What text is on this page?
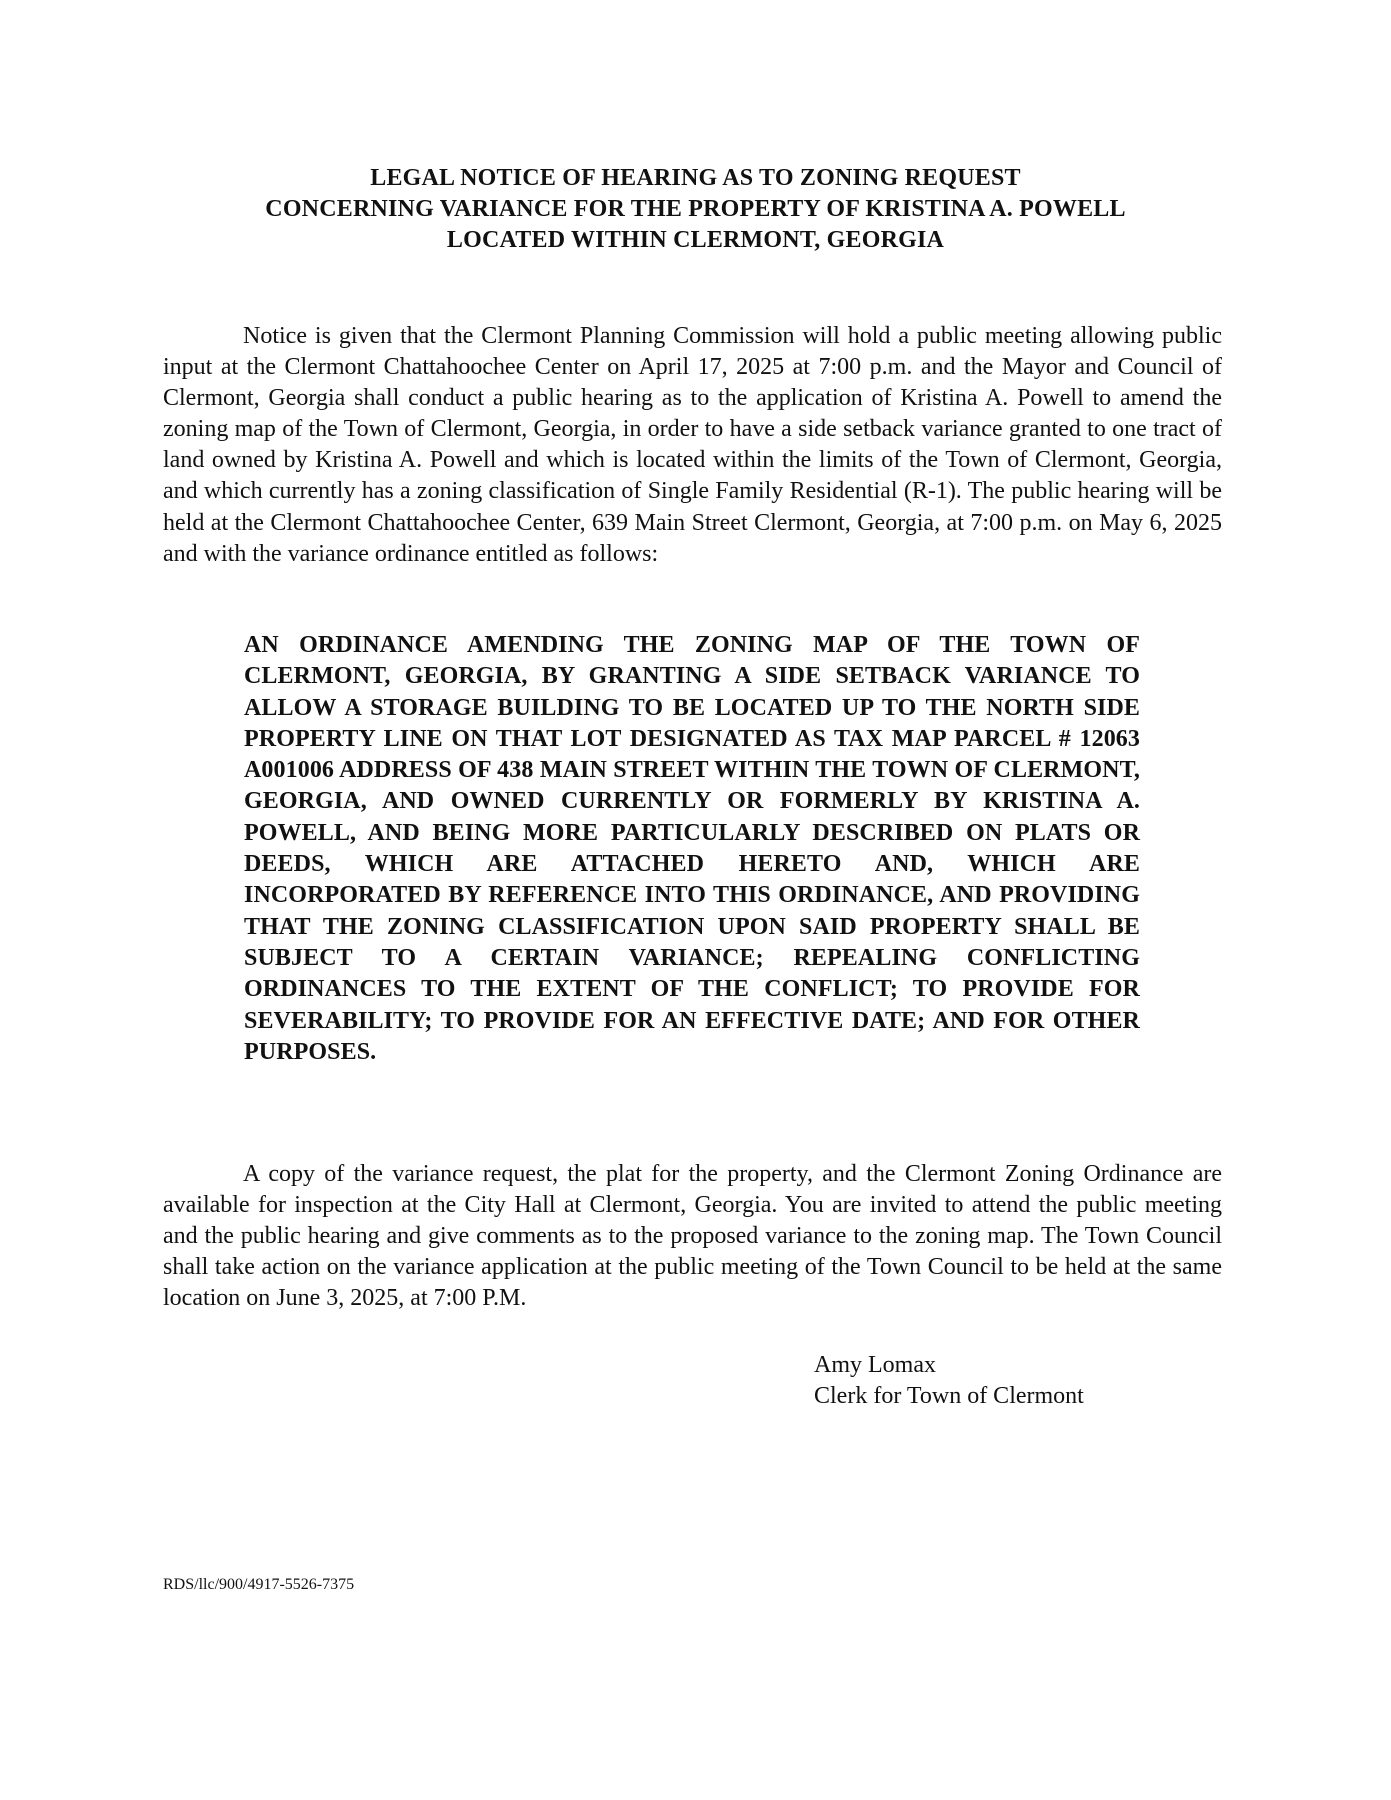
LEGAL NOTICE OF HEARING AS TO ZONING REQUEST
CONCERNING VARIANCE FOR THE PROPERTY OF KRISTINA A. POWELL
LOCATED WITHIN CLERMONT, GEORGIA

Notice is given that the Clermont Planning Commission will hold a public meeting allowing public input at the Clermont Chattahoochee Center on April 17, 2025 at 7:00 p.m. and the Mayor and Council of Clermont, Georgia shall conduct a public hearing as to the application of Kristina A. Powell to amend the zoning map of the Town of Clermont, Georgia, in order to have a side setback variance granted to one tract of land owned by Kristina A. Powell and which is located within the limits of the Town of Clermont, Georgia, and which currently has a zoning classification of Single Family Residential (R-1). The public hearing will be held at the Clermont Chattahoochee Center, 639 Main Street Clermont, Georgia, at 7:00 p.m. on May 6, 2025 and with the variance ordinance entitled as follows:

AN ORDINANCE AMENDING THE ZONING MAP OF THE TOWN OF CLERMONT, GEORGIA, BY GRANTING A SIDE SETBACK VARIANCE TO ALLOW A STORAGE BUILDING TO BE LOCATED UP TO THE NORTH SIDE PROPERTY LINE ON THAT LOT DESIGNATED AS TAX MAP PARCEL # 12063 A001006 ADDRESS OF 438 MAIN STREET WITHIN THE TOWN OF CLERMONT, GEORGIA, AND OWNED CURRENTLY OR FORMERLY BY KRISTINA A. POWELL, AND BEING MORE PARTICULARLY DESCRIBED ON PLATS OR DEEDS, WHICH ARE ATTACHED HERETO AND, WHICH ARE INCORPORATED BY REFERENCE INTO THIS ORDINANCE, AND PROVIDING THAT THE ZONING CLASSIFICATION UPON SAID PROPERTY SHALL BE SUBJECT TO A CERTAIN VARIANCE; REPEALING CONFLICTING ORDINANCES TO THE EXTENT OF THE CONFLICT; TO PROVIDE FOR SEVERABILITY; TO PROVIDE FOR AN EFFECTIVE DATE; AND FOR OTHER PURPOSES.

A copy of the variance request, the plat for the property, and the Clermont Zoning Ordinance are available for inspection at the City Hall at Clermont, Georgia. You are invited to attend the public meeting and the public hearing and give comments as to the proposed variance to the zoning map. The Town Council shall take action on the variance application at the public meeting of the Town Council to be held at the same location on June 3, 2025, at 7:00 P.M.

Amy Lomax
Clerk for Town of Clermont
RDS/llc/900/4917-5526-7375
